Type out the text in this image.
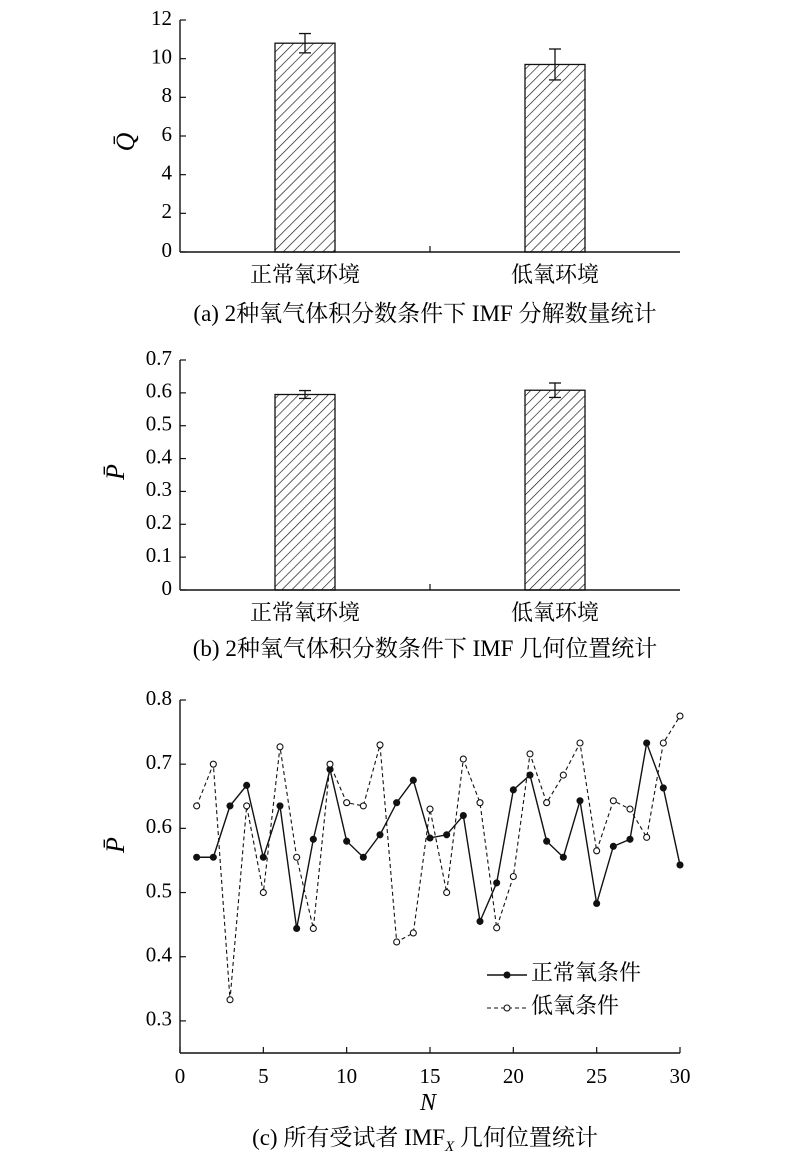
Q̄
0
2
4
6
8
10
12
正常氧环境	低氧环境
(a) 2种氧气体积分数条件下 IMF 分解数量统计
P̄
0
0.1
0.2
0.3
0.4
0.5
0.6
0.7
正常氧环境	低氧环境
(b) 2种氧气体积分数条件下 IMF 几何位置统计
P̄
0.3
0.4
0.5
0.6
0.7
0.8
0	5	10	15	20	25	30
正常氧条件
低氧条件
N
(c) 所有受试者 $IMF_X$ 几何位置统计
